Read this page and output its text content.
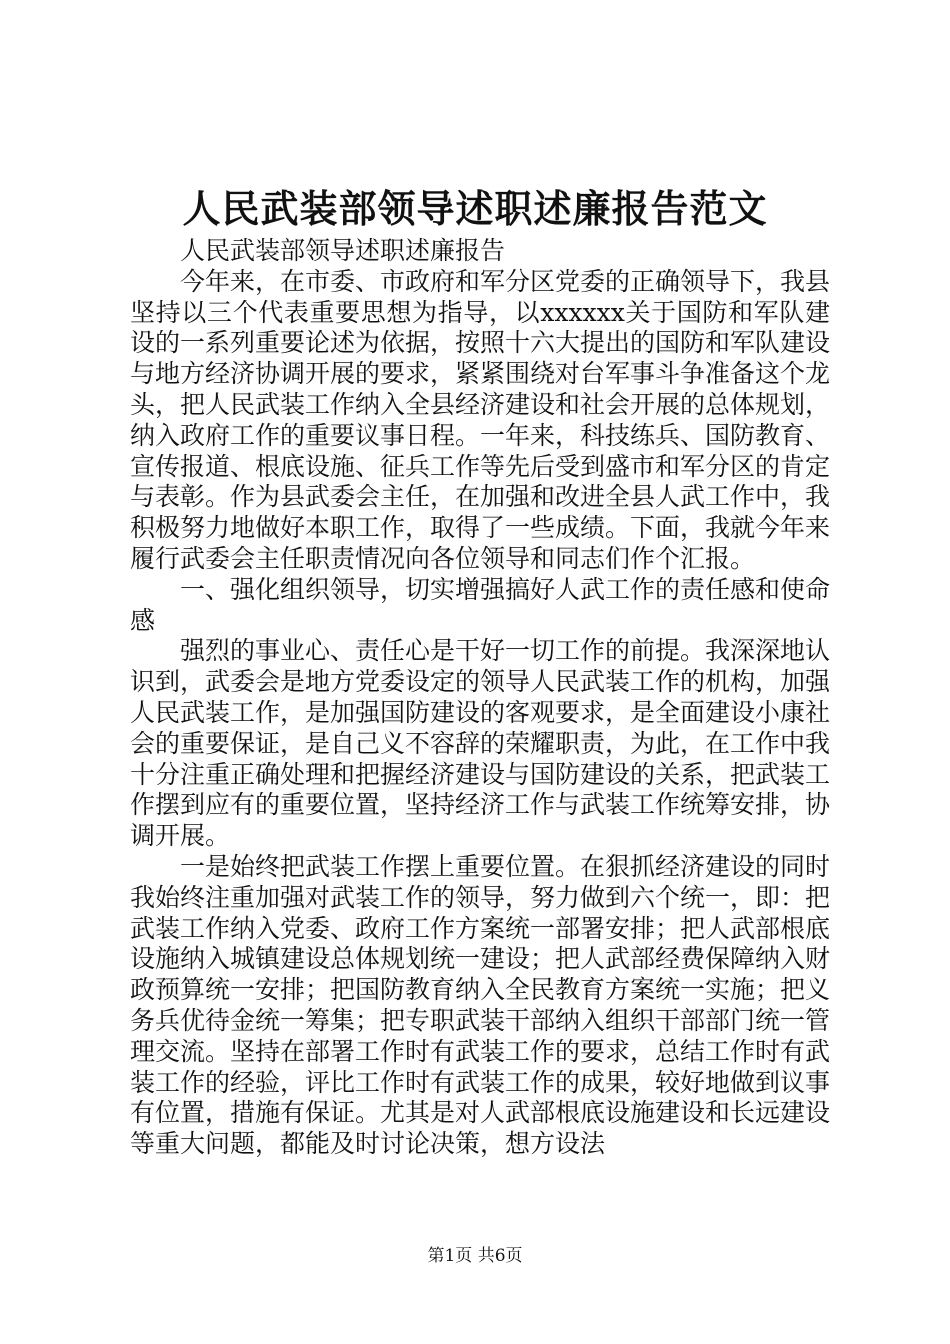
人民武装部领导述职述廉报告范文

人民武装部领导述职述廉报告

今年来，在市委、市政府和军分区党委的正确领导下，我县坚持以三个代表重要思想为指导，以xxxxxx关于国防和军队建设的一系列重要论述为依据，按照十六大提出的国防和军队建设与地方经济协调开展的要求，紧紧围绕对台军事斗争准备这个龙头，把人民武装工作纳入全县经济建设和社会开展的总体规划，纳入政府工作的重要议事日程。一年来，科技练兵、国防教育、宣传报道、根底设施、征兵工作等先后受到盛市和军分区的肯定与表彰。作为县武委会主任，在加强和改进全县人武工作中，我积极努力地做好本职工作，取得了一些成绩。下面，我就今年来履行武委会主任职责情况向各位领导和同志们作个汇报。

一、强化组织领导，切实增强搞好人武工作的责任感和使命感

强烈的事业心、责任心是干好一切工作的前提。我深深地认识到，武委会是地方党委设定的领导人民武装工作的机构，加强人民武装工作，是加强国防建设的客观要求，是全面建设小康社会的重要保证，是自己义不容辞的荣耀职责，为此，在工作中我十分注重正确处理和把握经济建设与国防建设的关系，把武装工作摆到应有的重要位置，坚持经济工作与武装工作统筹安排，协调开展。

一是始终把武装工作摆上重要位置。在狠抓经济建设的同时我始终注重加强对武装工作的领导，努力做到六个统一，即：把武装工作纳入党委、政府工作方案统一部署安排；把人武部根底设施纳入城镇建设总体规划统一建设；把人武部经费保障纳入财政预算统一安排；把国防教育纳入全民教育方案统一实施；把义务兵优待金统一筹集；把专职武装干部纳入组织干部部门统一管理交流。坚持在部署工作时有武装工作的要求，总结工作时有武装工作的经验，评比工作时有武装工作的成果，较好地做到议事有位置，措施有保证。尤其是对人武部根底设施建设和长远建设等重大问题，都能及时讨论决策，想方设法

第1页 共6页
